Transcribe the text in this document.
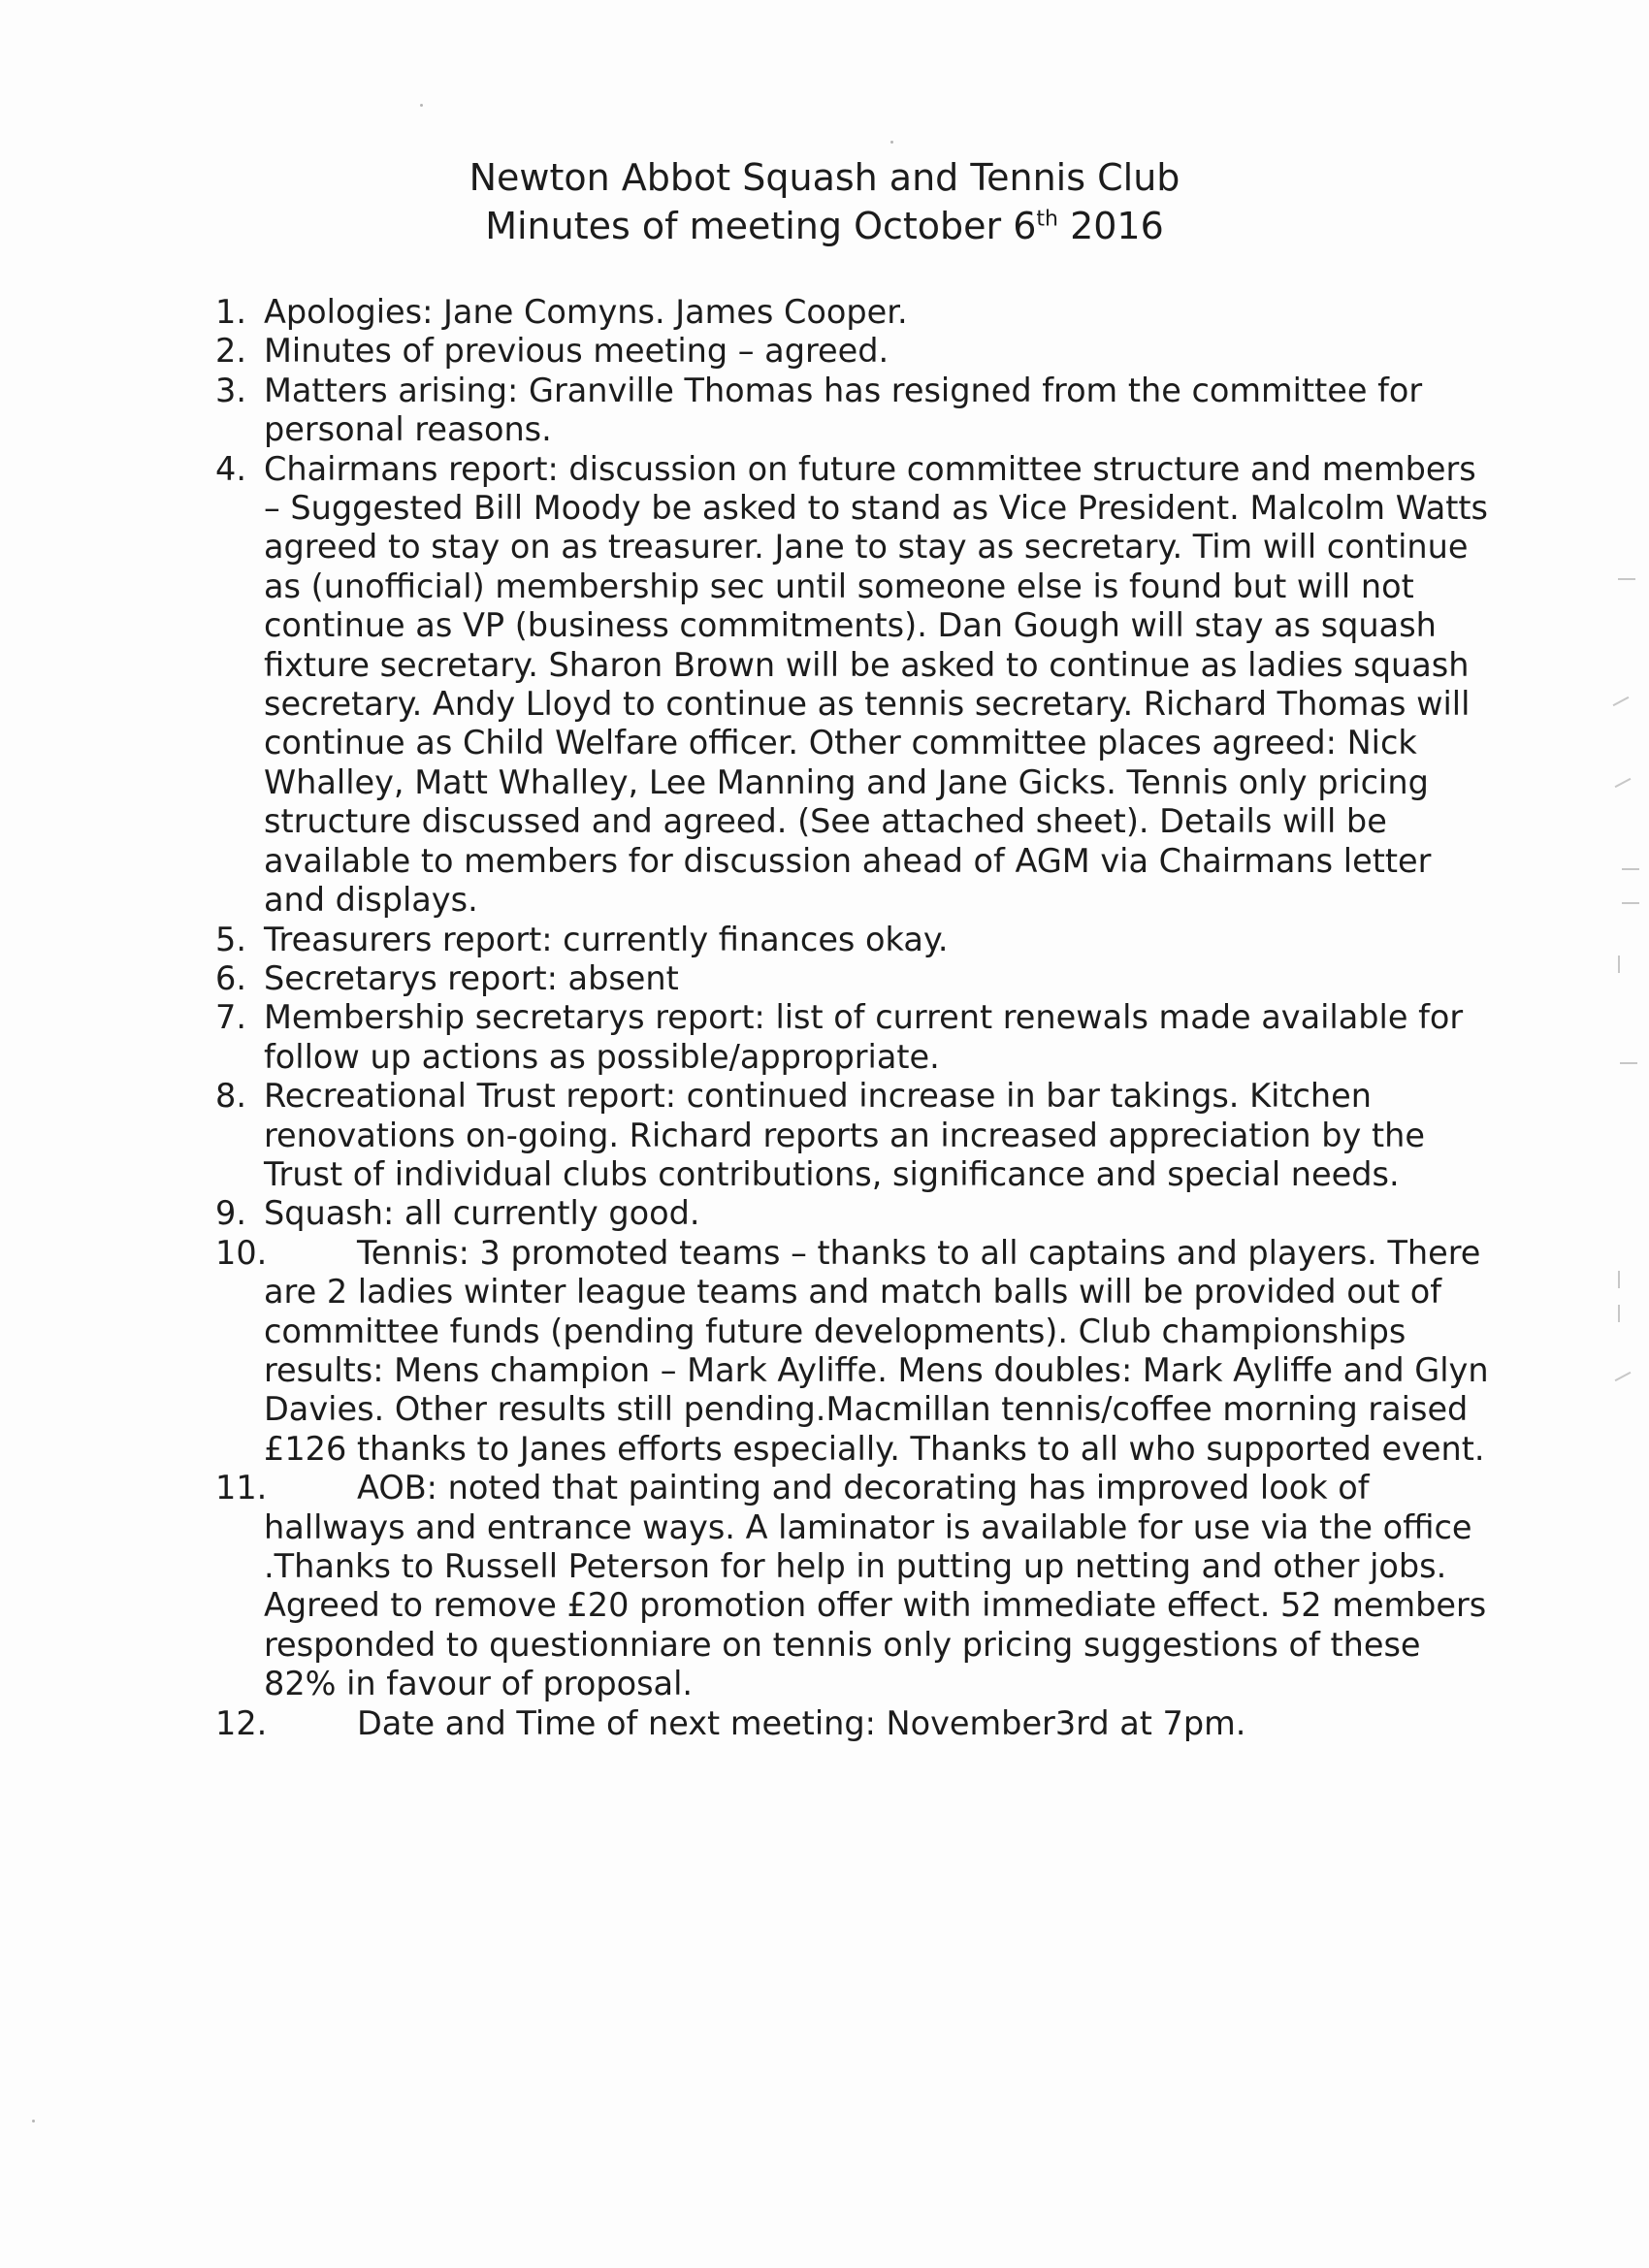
Newton Abbot Squash and Tennis Club
Minutes of meeting October 6th 2016
1. Apologies: Jane Comyns. James Cooper.
2. Minutes of previous meeting – agreed.
3. Matters arising: Granville Thomas has resigned from the committee for personal reasons.
4. Chairmans report: discussion on future committee structure and members – Suggested Bill Moody be asked to stand as Vice President. Malcolm Watts agreed to stay on as treasurer. Jane to stay as secretary. Tim will continue as (unofficial) membership sec until someone else is found but will not continue as VP (business commitments). Dan Gough will stay as squash fixture secretary. Sharon Brown will be asked to continue as ladies squash secretary. Andy Lloyd to continue as tennis secretary. Richard Thomas will continue as Child Welfare officer. Other committee places agreed: Nick Whalley, Matt Whalley, Lee Manning and Jane Gicks. Tennis only pricing structure discussed and agreed. (See attached sheet). Details will be available to members for discussion ahead of AGM via Chairmans letter and displays.
5. Treasurers report: currently finances okay.
6. Secretarys report: absent
7. Membership secretarys report: list of current renewals made available for follow up actions as possible/appropriate.
8. Recreational Trust report: continued increase in bar takings. Kitchen renovations on-going. Richard reports an increased appreciation by the Trust of individual clubs contributions, significance and special needs.
9. Squash: all currently good.
10.	Tennis: 3 promoted teams – thanks to all captains and players. There are 2 ladies winter league teams and match balls will be provided out of committee funds (pending future developments). Club championships results: Mens champion – Mark Ayliffe. Mens doubles: Mark Ayliffe and Glyn Davies. Other results still pending.Macmillan tennis/coffee morning raised £126 thanks to Janes efforts especially. Thanks to all who supported event.
11.	AOB: noted that painting and decorating has improved look of hallways and entrance ways. A laminator is available for use via the office .Thanks to Russell Peterson for help in putting up netting and other jobs. Agreed to remove £20 promotion offer with immediate effect. 52 members responded to questionniare on tennis only pricing suggestions of these 82% in favour of proposal.
12.	Date and Time of next meeting: November3rd at 7pm.
